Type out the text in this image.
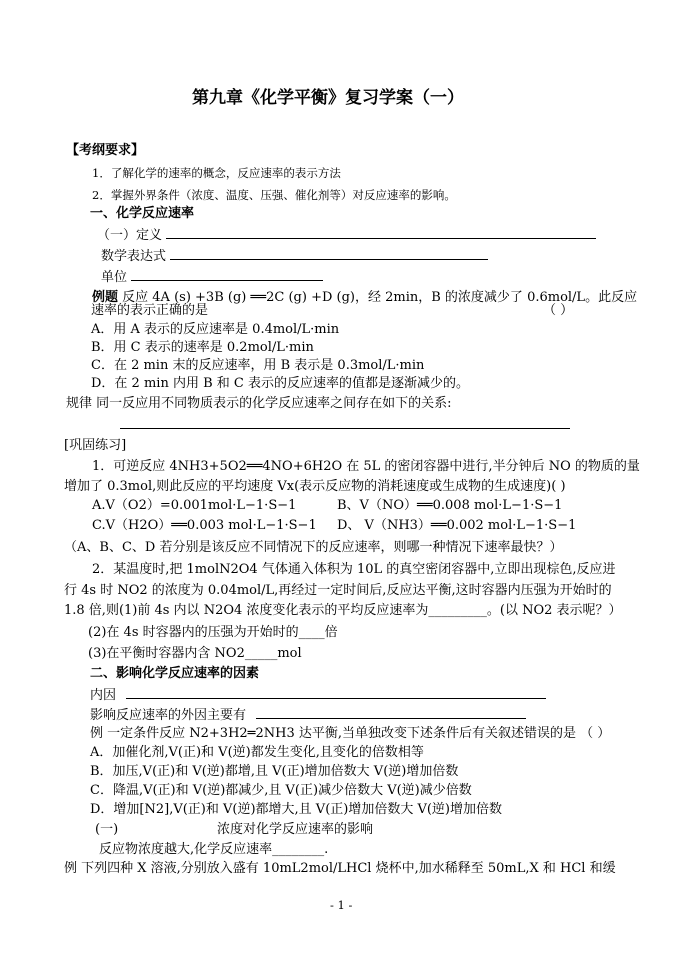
第九章《化学平衡》复习学案（一）
【考纲要求】
1．了解化学的速率的概念，反应速率的表示方法
2．掌握外界条件（浓度、温度、压强、催化剂等）对反应速率的影响。
一、化学反应速率
（一）定义
数学表达式
单位
例题 反应 4A (s) +3B (g) ══2C (g) +D (g)，经 2min，B 的浓度减少了 0.6mol/L。此反应
速率的表示正确的是	（ ）
A．用 A 表示的反应速率是 0.4mol/L·min
B．用 C 表示的速率是 0.2mol/L·min
C．在 2 min 末的反应速率，用 B 表示是 0.3mol/L·min
D．在 2 min 内用 B 和 C 表示的反应速率的值都是逐渐减少的。
规律 同一反应用不同物质表示的化学反应速率之间存在如下的关系:
[巩固练习]
1．可逆反应 4NH3+5O2══4NO+6H2O 在 5L 的密闭容器中进行,半分钟后 NO 的物质的量
增加了 0.3mol,则此反应的平均速度 Vx(表示反应物的消耗速度或生成物的生成速度)( )
A.V（O2）=0.001mol·L−1·S−1	B、V（NO）══0.008 mol·L−1·S−1
C.V（H2O）══0.003 mol·L−1·S−1 D、 V（NH3）══0.002 mol·L−1·S−1
（A、B、C、D 若分别是该反应不同情况下的反应速率，则哪一种情况下速率最快？）
2．某温度时,把 1molN2O4 气体通入体积为 10L 的真空密闭容器中,立即出现棕色,反应进
行 4s 时 NO2 的浓度为 0.04mol/L,再经过一定时间后,反应达平衡,这时容器内压强为开始时的
1.8 倍,则(1)前 4s 内以 N2O4 浓度变化表示的平均反应速率为_________。(以 NO2 表示呢？）
(2)在 4s 时容器内的压强为开始时的____倍
(3)在平衡时容器内含 NO2_____mol
二、影响化学反应速率的因素
内因
影响反应速率的外因主要有
例 一定条件反应 N2+3H2═2NH3 达平衡,当单独改变下述条件后有关叙述错误的是 （ ）
A．加催化剂,V(正)和 V(逆)都发生变化,且变化的倍数相等
B．加压,V(正)和 V(逆)都增,且 V(正)增加倍数大 V(逆)增加倍数
C．降温,V(正)和 V(逆)都减少,且 V(正)减少倍数大 V(逆)减少倍数
D．增加[N2],V(正)和 V(逆)都增大,且 V(正)增加倍数大 V(逆)增加倍数
(一)	浓度对化学反应速率的影响
反应物浓度越大,化学反应速率________.
例 下列四种 X 溶液,分别放入盛有 10mL2mol/LHCl 烧杯中,加水稀释至 50mL,X 和 HCl 和缓
- 1 -
